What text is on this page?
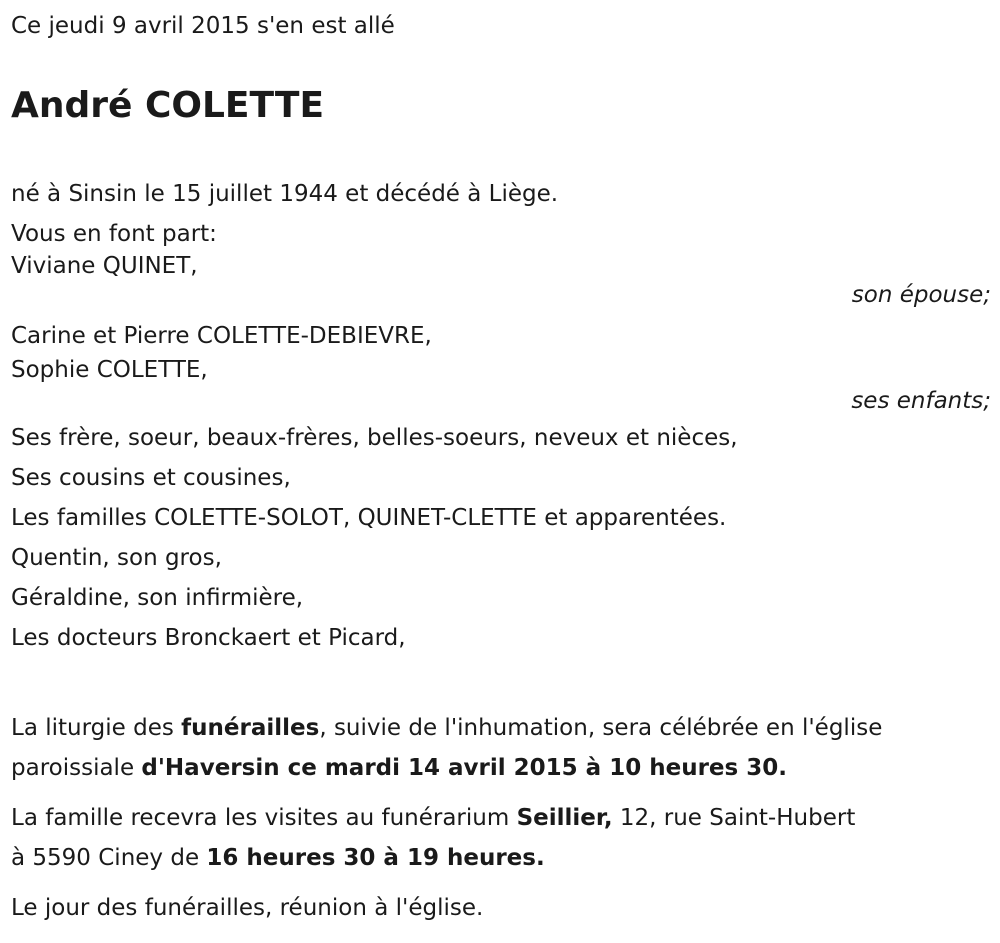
Ce jeudi 9 avril 2015 s'en est allé
André COLETTE
né à Sinsin le 15 juillet 1944 et décédé à Liège.
Vous en font part:
Viviane QUINET,
son épouse;
Carine et Pierre COLETTE-DEBIEVRE,
Sophie COLETTE,
ses enfants;
Ses frère, soeur, beaux-frères, belles-soeurs, neveux et nièces,
Ses cousins et cousines,
Les familles COLETTE-SOLOT, QUINET-CLETTE et apparentées.
Quentin, son gros,
Géraldine, son infirmière,
Les docteurs Bronckaert et Picard,
La liturgie des funérailles, suivie de l'inhumation, sera célébrée en l'église
paroissiale d'Haversin ce mardi 14 avril 2015 à 10 heures 30.
La famille recevra les visites au funérarium Seillier, 12, rue Saint-Hubert
à 5590 Ciney de 16 heures 30 à 19 heures.
Le jour des funérailles, réunion à l'église.
